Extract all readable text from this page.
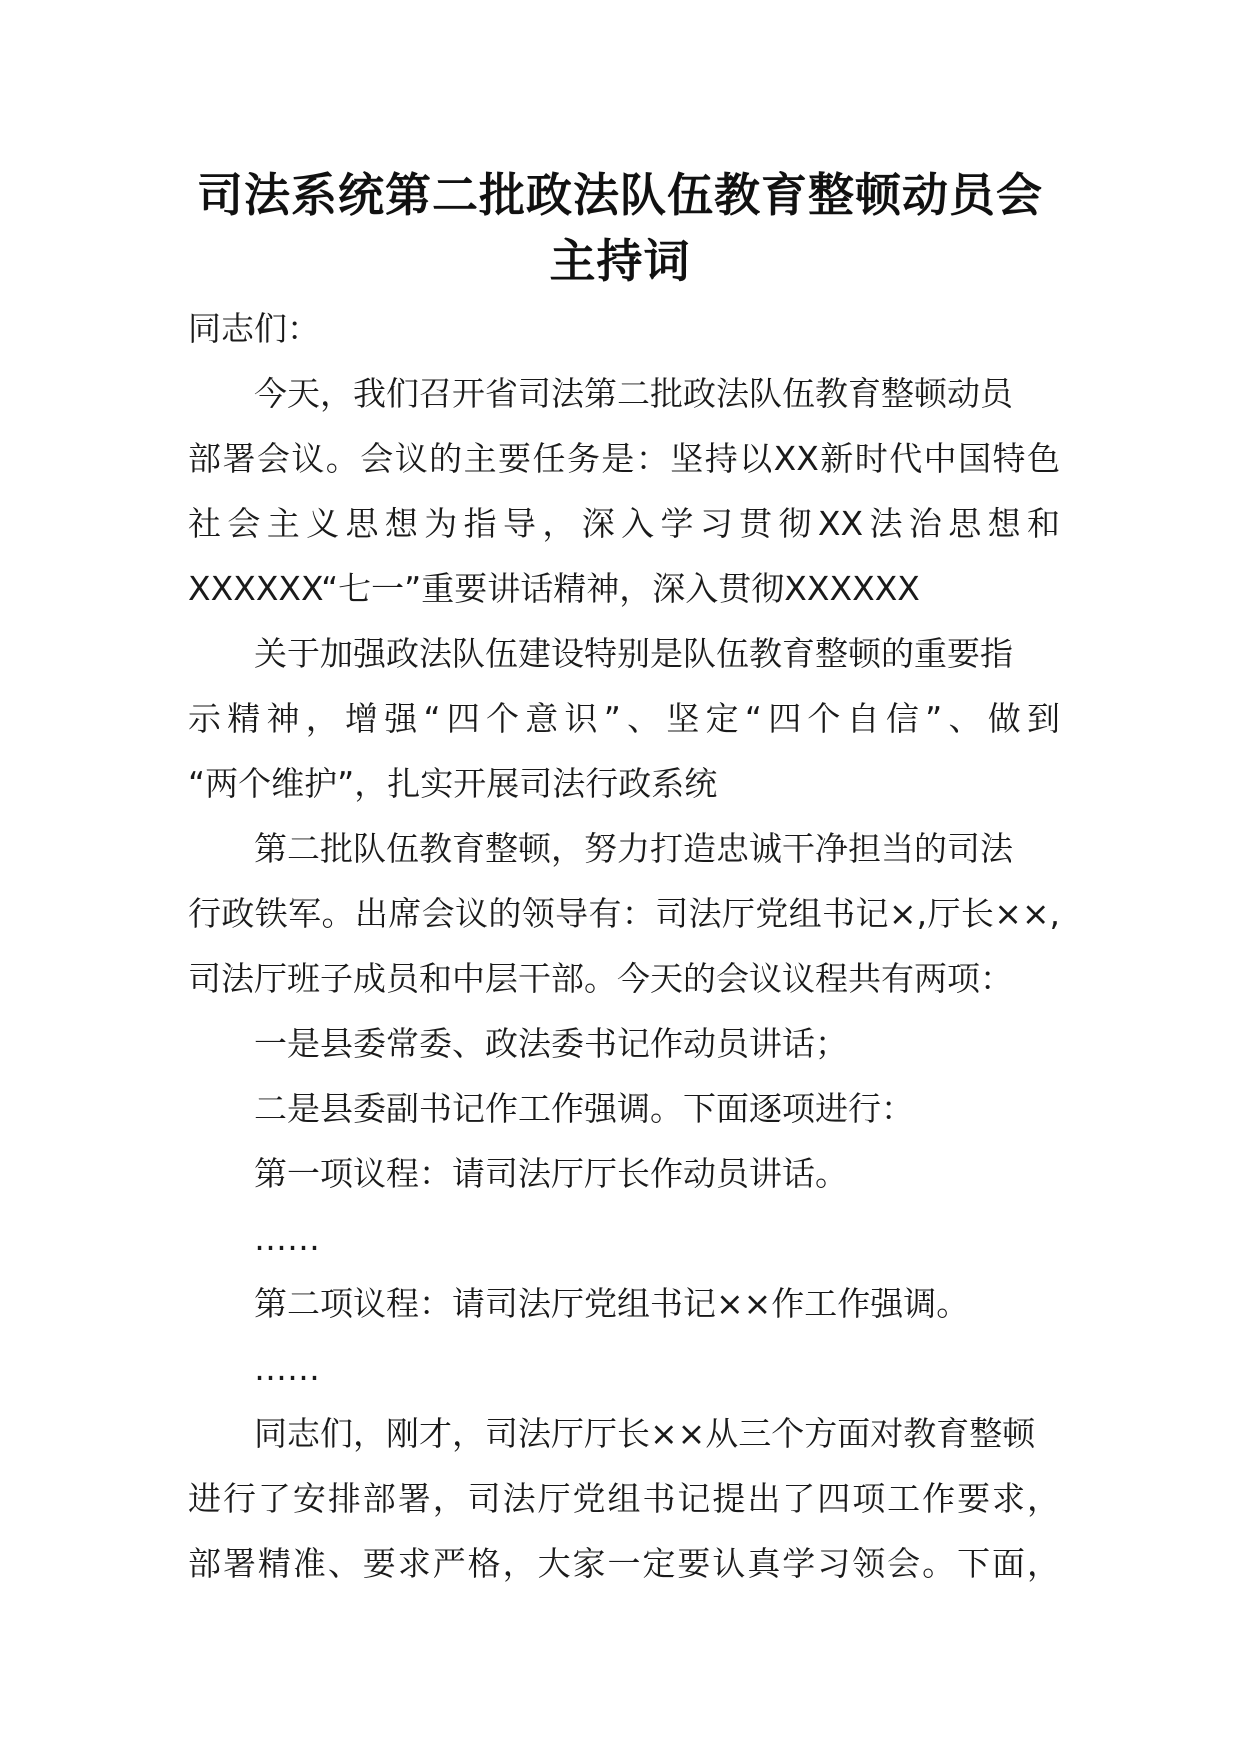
司法系统第二批政法队伍教育整顿动员会
主持词

同志们：

今天，我们召开省司法第二批政法队伍教育整顿动员

部署会议。会议的主要任务是：坚持以XX新时代中国特色

社会主义思想为指导，深入学习贯彻XX法治思想和

XXXXXX“七一”重要讲话精神，深入贯彻XXXXXX

关于加强政法队伍建设特别是队伍教育整顿的重要指

示精神，增强“四个意识”、坚定“四个自信”、做到

“两个维护”，扎实开展司法行政系统

第二批队伍教育整顿，努力打造忠诚干净担当的司法

行政铁军。出席会议的领导有：司法厅党组书记×,厅长××,

司法厅班子成员和中层干部。今天的会议议程共有两项：

一是县委常委、政法委书记作动员讲话；

二是县委副书记作工作强调。下面逐项进行：

第一项议程：请司法厅厅长作动员讲话。

……

第二项议程：请司法厅党组书记××作工作强调。

……

同志们，刚才，司法厅厅长××从三个方面对教育整顿

进行了安排部署，司法厅党组书记提出了四项工作要求，

部署精准、要求严格，大家一定要认真学习领会。下面，
